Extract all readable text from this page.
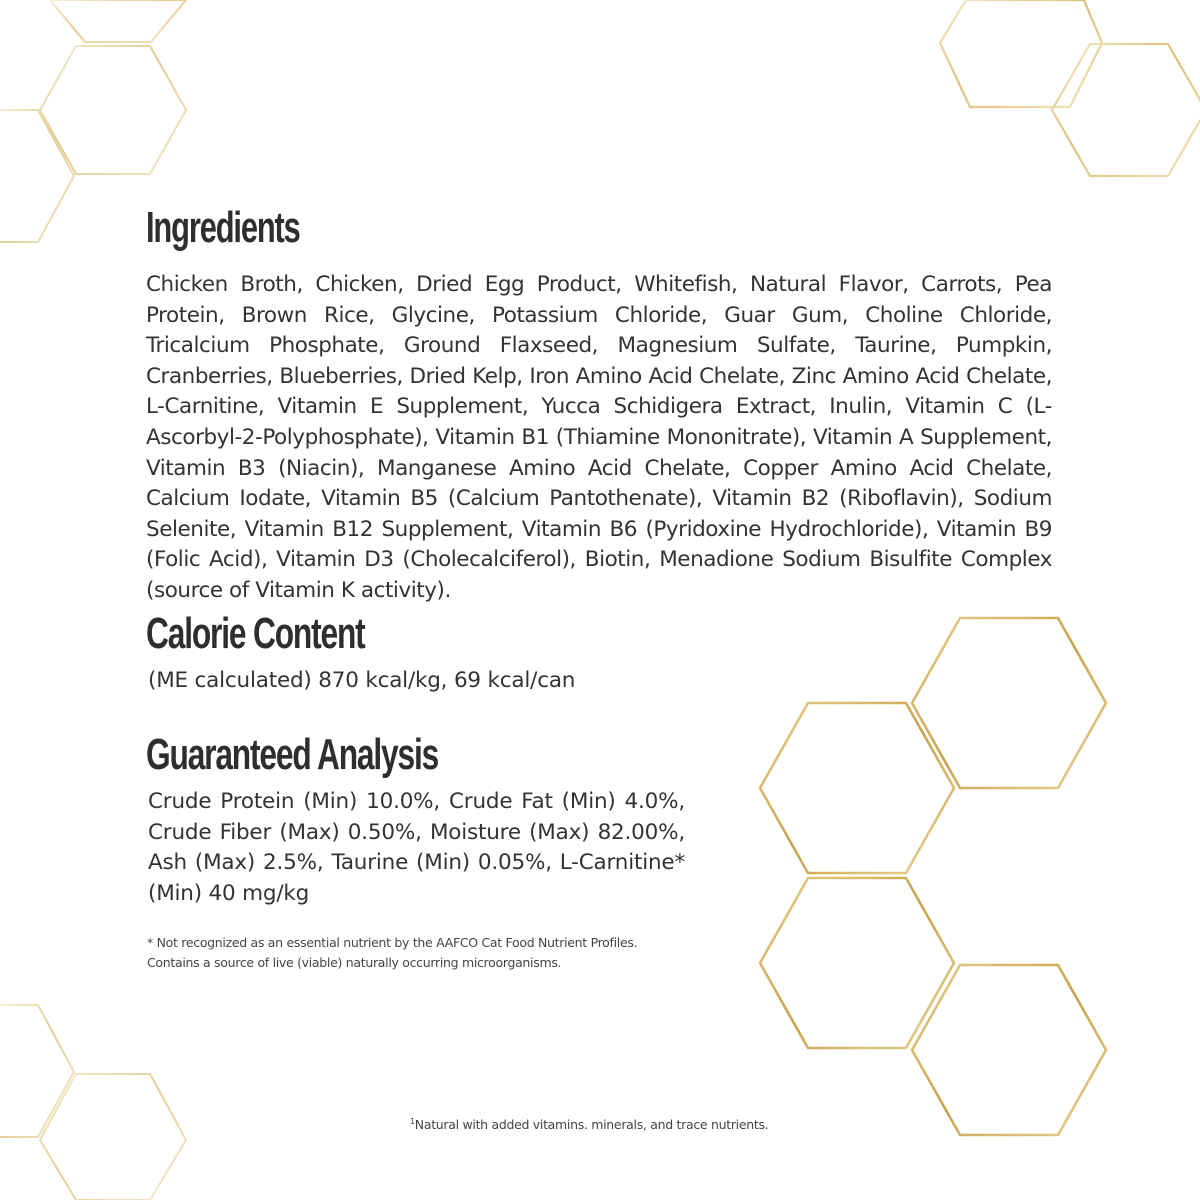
Ingredients

Chicken Broth, Chicken, Dried Egg Product, Whitefish, Natural Flavor, Carrots, Pea Protein, Brown Rice, Glycine, Potassium Chloride, Guar Gum, Choline Chloride, Tricalcium Phosphate, Ground Flaxseed, Magnesium Sulfate, Taurine, Pumpkin, Cranberries, Blueberries, Dried Kelp, Iron Amino Acid Chelate, Zinc Amino Acid Chelate, L-Carnitine, Vitamin E Supplement, Yucca Schidigera Extract, Inulin, Vitamin C (L-Ascorbyl-2-Polyphosphate), Vitamin B1 (Thiamine Mononitrate), Vitamin A Supplement, Vitamin B3 (Niacin), Manganese Amino Acid Chelate, Copper Amino Acid Chelate, Calcium Iodate, Vitamin B5 (Calcium Pantothenate), Vitamin B2 (Riboflavin), Sodium Selenite, Vitamin B12 Supplement, Vitamin B6 (Pyridoxine Hydrochloride), Vitamin B9 (Folic Acid), Vitamin D3 (Cholecalciferol), Biotin, Menadione Sodium Bisulfite Complex (source of Vitamin K activity).

Calorie Content

(ME calculated) 870 kcal/kg, 69 kcal/can

Guaranteed Analysis

Crude Protein (Min) 10.0%, Crude Fat (Min) 4.0%, Crude Fiber (Max) 0.50%, Moisture (Max) 82.00%, Ash (Max) 2.5%, Taurine (Min) 0.05%, L-Carnitine* (Min) 40 mg/kg

* Not recognized as an essential nutrient by the AAFCO Cat Food Nutrient Profiles.

Contains a source of live (viable) naturally occurring microorganisms.

$^1$Natural with added vitamins. minerals, and trace nutrients.
